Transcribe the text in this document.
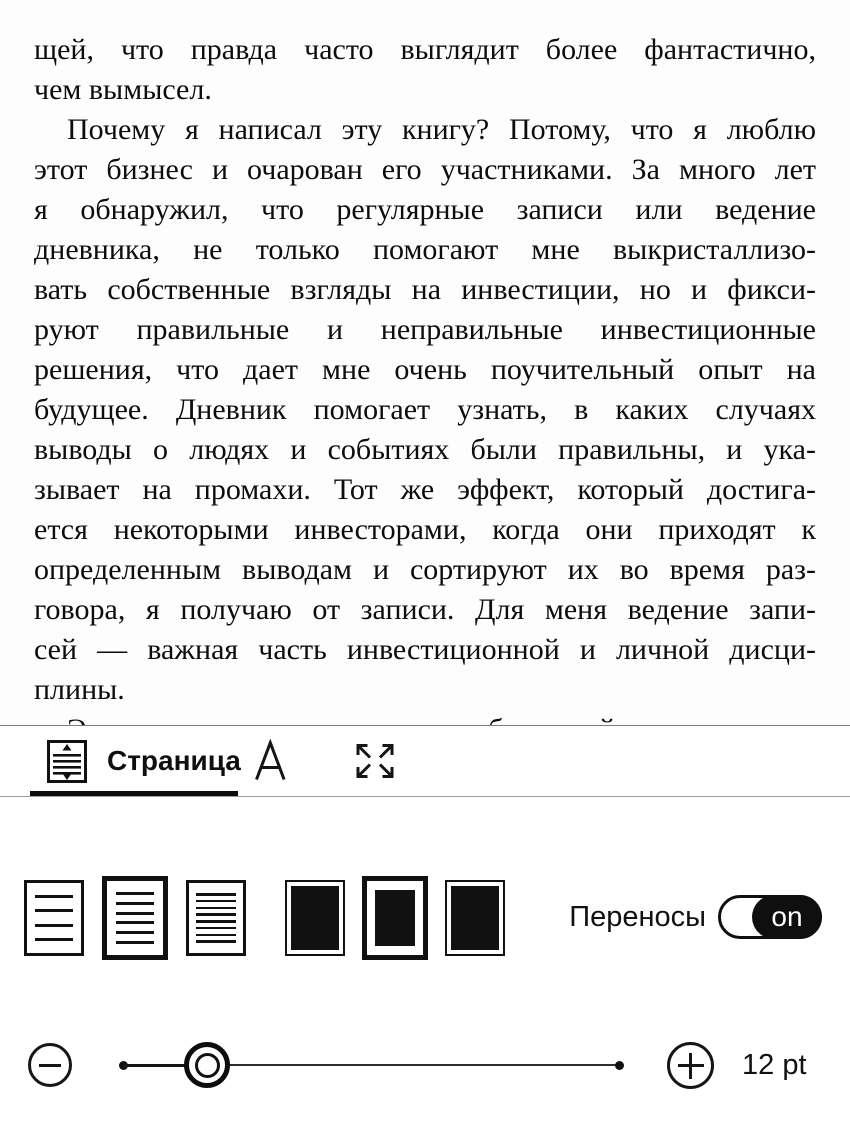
щей, что правда часто выглядит более фантастично,
чем вымысел.
Почему я написал эту книгу? Потому, что я люблю
этот бизнес и очарован его участниками. За много лет
я обнаружил, что регулярные записи или ведение
дневника, не только помогают мне выкристаллизо-
вать собственные взгляды на инвестиции, но и фикси-
руют правильные и неправильные инвестиционные
решения, что дает мне очень поучительный опыт на
будущее. Дневник помогает узнать, в каких случаях
выводы о людях и событиях были правильны, и ука-
зывает на промахи. Тот же эффект, который достига-
ется некоторыми инвесторами, когда они приходят к
определенным выводам и сортируют их во время раз-
говора, я получаю от записи. Для меня ведение запи-
сей — важная часть инвестиционной и личной дисци-
плины.
Страница
Переносы	on
12 pt
